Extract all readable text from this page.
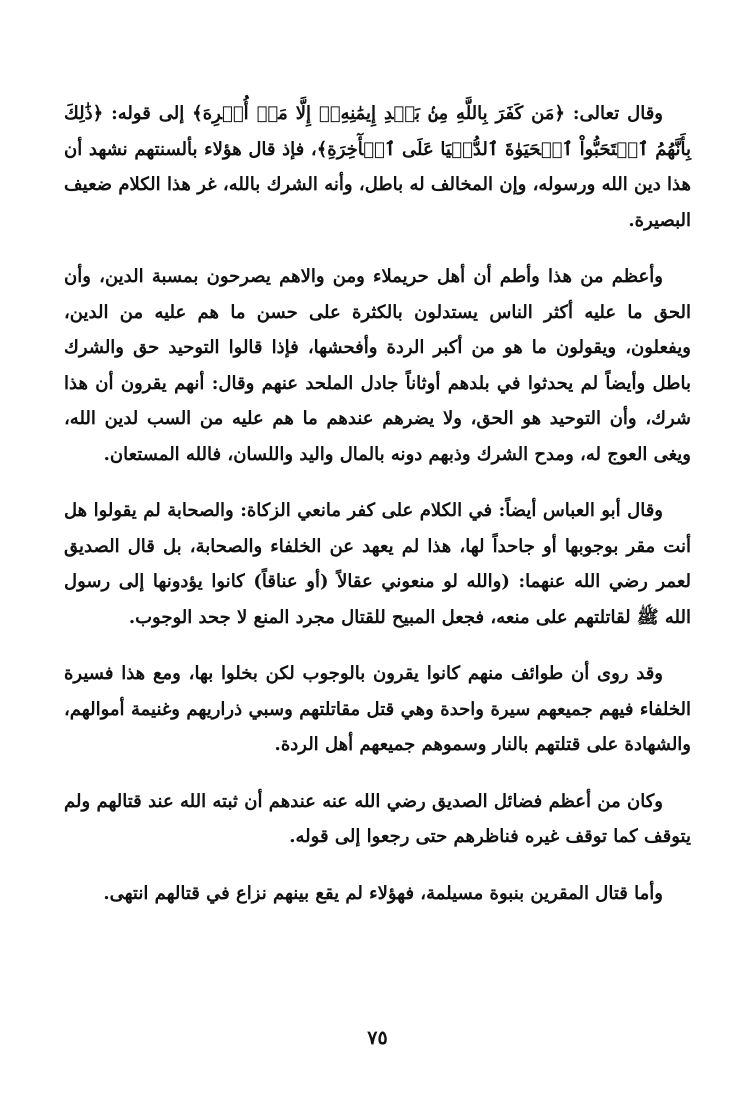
وقال تعالى: ﴿مَن كَفَرَ بِاللَّهِ مِنۢ بَعۡدِ إِيمَٰنِهِۦٓ إِلَّا مَنۡ أُكۡرِهَ﴾ إلى قوله: ﴿ذَٰلِكَ بِأَنَّهُمُ ٱسۡتَحَبُّواْ ٱلۡحَيَوٰةَ ٱلدُّنۡيَا عَلَى ٱلۡأٓخِرَةِ﴾، فإذ قال هؤلاء بألسنتهم نشهد أن هذا دين الله ورسوله، وإن المخالف له باطل، وأنه الشرك بالله، غر هذا الكلام ضعيف البصيرة.

وأعظم من هذا وأطم أن أهل حريملاء ومن والاهم يصرحون بمسبة الدين، وأن الحق ما عليه أكثر الناس يستدلون بالكثرة على حسن ما هم عليه من الدين، ويفعلون، ويقولون ما هو من أكبر الردة وأفحشها، فإذا قالوا التوحيد حق والشرك باطل وأيضاً لم يحدثوا في بلدهم أوثاناً جادل الملحد عنهم وقال: أنهم يقرون أن هذا شرك، وأن التوحيد هو الحق، ولا يضرهم عندهم ما هم عليه من السب لدين الله، ويغى العوج له، ومدح الشرك وذبهم دونه بالمال واليد واللسان، فالله المستعان.

وقال أبو العباس أيضاً: في الكلام على كفر مانعي الزكاة: والصحابة لم يقولوا هل أنت مقر بوجوبها أو جاحداً لها، هذا لم يعهد عن الخلفاء والصحابة، بل قال الصديق لعمر رضي الله عنهما: (والله لو منعوني عقالاً (أو عناقاً) كانوا يؤدونها إلى رسول الله ﷺ لقاتلتهم على منعه، فجعل المبيح للقتال مجرد المنع لا جحد الوجوب.

وقد روى أن طوائف منهم كانوا يقرون بالوجوب لكن بخلوا بها، ومع هذا فسيرة الخلفاء فيهم جميعهم سيرة واحدة وهي قتل مقاتلتهم وسبي ذراريهم وغنيمة أموالهم، والشهادة على قتلتهم بالنار وسموهم جميعهم أهل الردة.

وكان من أعظم فضائل الصديق رضي الله عنه عندهم أن ثبته الله عند قتالهم ولم يتوقف كما توقف غيره فناظرهم حتى رجعوا إلى قوله.

وأما قتال المقرين بنبوة مسيلمة، فهؤلاء لم يقع بينهم نزاع في قتالهم انتهى.

٧٥
